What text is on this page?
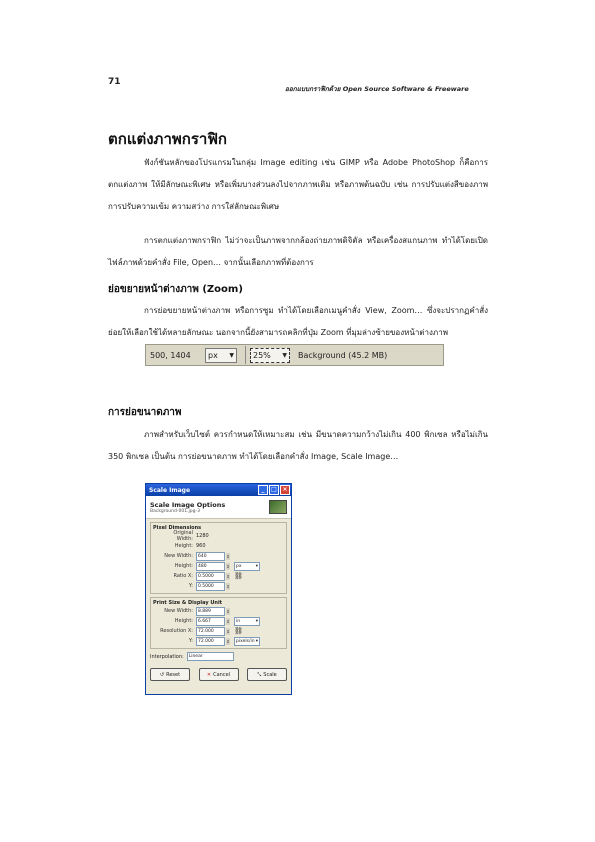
71
ออกแบบกราฟิกด้วย Open Source Software & Freeware
ตกแต่งภาพกราฟิก
ฟังก์ชันหลักของโปรแกรมในกลุ่ม Image editing เช่น GIMP หรือ Adobe PhotoShop ก็คือการตกแต่งภาพ ให้มีลักษณะพิเศษ หรือเพิ่มบางส่วนลงไปจากภาพเดิม หรือภาพต้นฉบับ เช่น การปรับแต่งสีของภาพ การปรับความเข้ม ความสว่าง การใส่ลักษณะพิเศษ
การตกแต่งภาพกราฟิก ไม่ว่าจะเป็นภาพจากกล้องถ่ายภาพดิจิตัล หรือเครื่องสแกนภาพ ทำได้โดยเปิดไฟล์ภาพด้วยคำสั่ง File, Open… จากนั้นเลือกภาพที่ต้องการ
ย่อขยายหน้าต่างภาพ (Zoom)
การย่อขยายหน้าต่างภาพ หรือการซูม ทำได้โดยเลือกเมนูคำสั่ง View, Zoom… ซึ่งจะปรากฏคำสั่งย่อยให้เลือกใช้ได้หลายลักษณะ นอกจากนี้ยังสามารถคลิกที่ปุ่ม Zoom ที่มุมล่างซ้ายของหน้าต่างภาพ
500, 1404	px ▼ 25% ▼ Background (45.2 MB)
การย่อขนาดภาพ
ภาพสำหรับเว็บไซต์ ควรกำหนดให้เหมาะสม เช่น มีขนาดความกว้างไม่เกิน 400 พิกเซล หรือไม่เกิน 350 พิกเซล เป็นต้น การย่อขนาดภาพ ทำได้โดยเลือกคำสั่ง Image, Scale Image…
Scale Image	_	□ ×
Scale Image Options
Background-001.jpg-3
Pixel Dimensions
Original Width: 1280
Height: 960
New Width:	640	⇕
Height:	480	⇕ px	▾
Ratio X:	0.5000	⇕ ⛓
Y:	0.5000	⇕
Print Size & Display Unit
New Width:	8.889	⇕
Height:	6.667	⇕ in	▾
Resolution X:	72.000	⇕ ⛓
Y:	72.000	⇕ pixels/in ▾
Interpolation:	Linear
↺ Reset	✕ Cancel	⤡ Scale
